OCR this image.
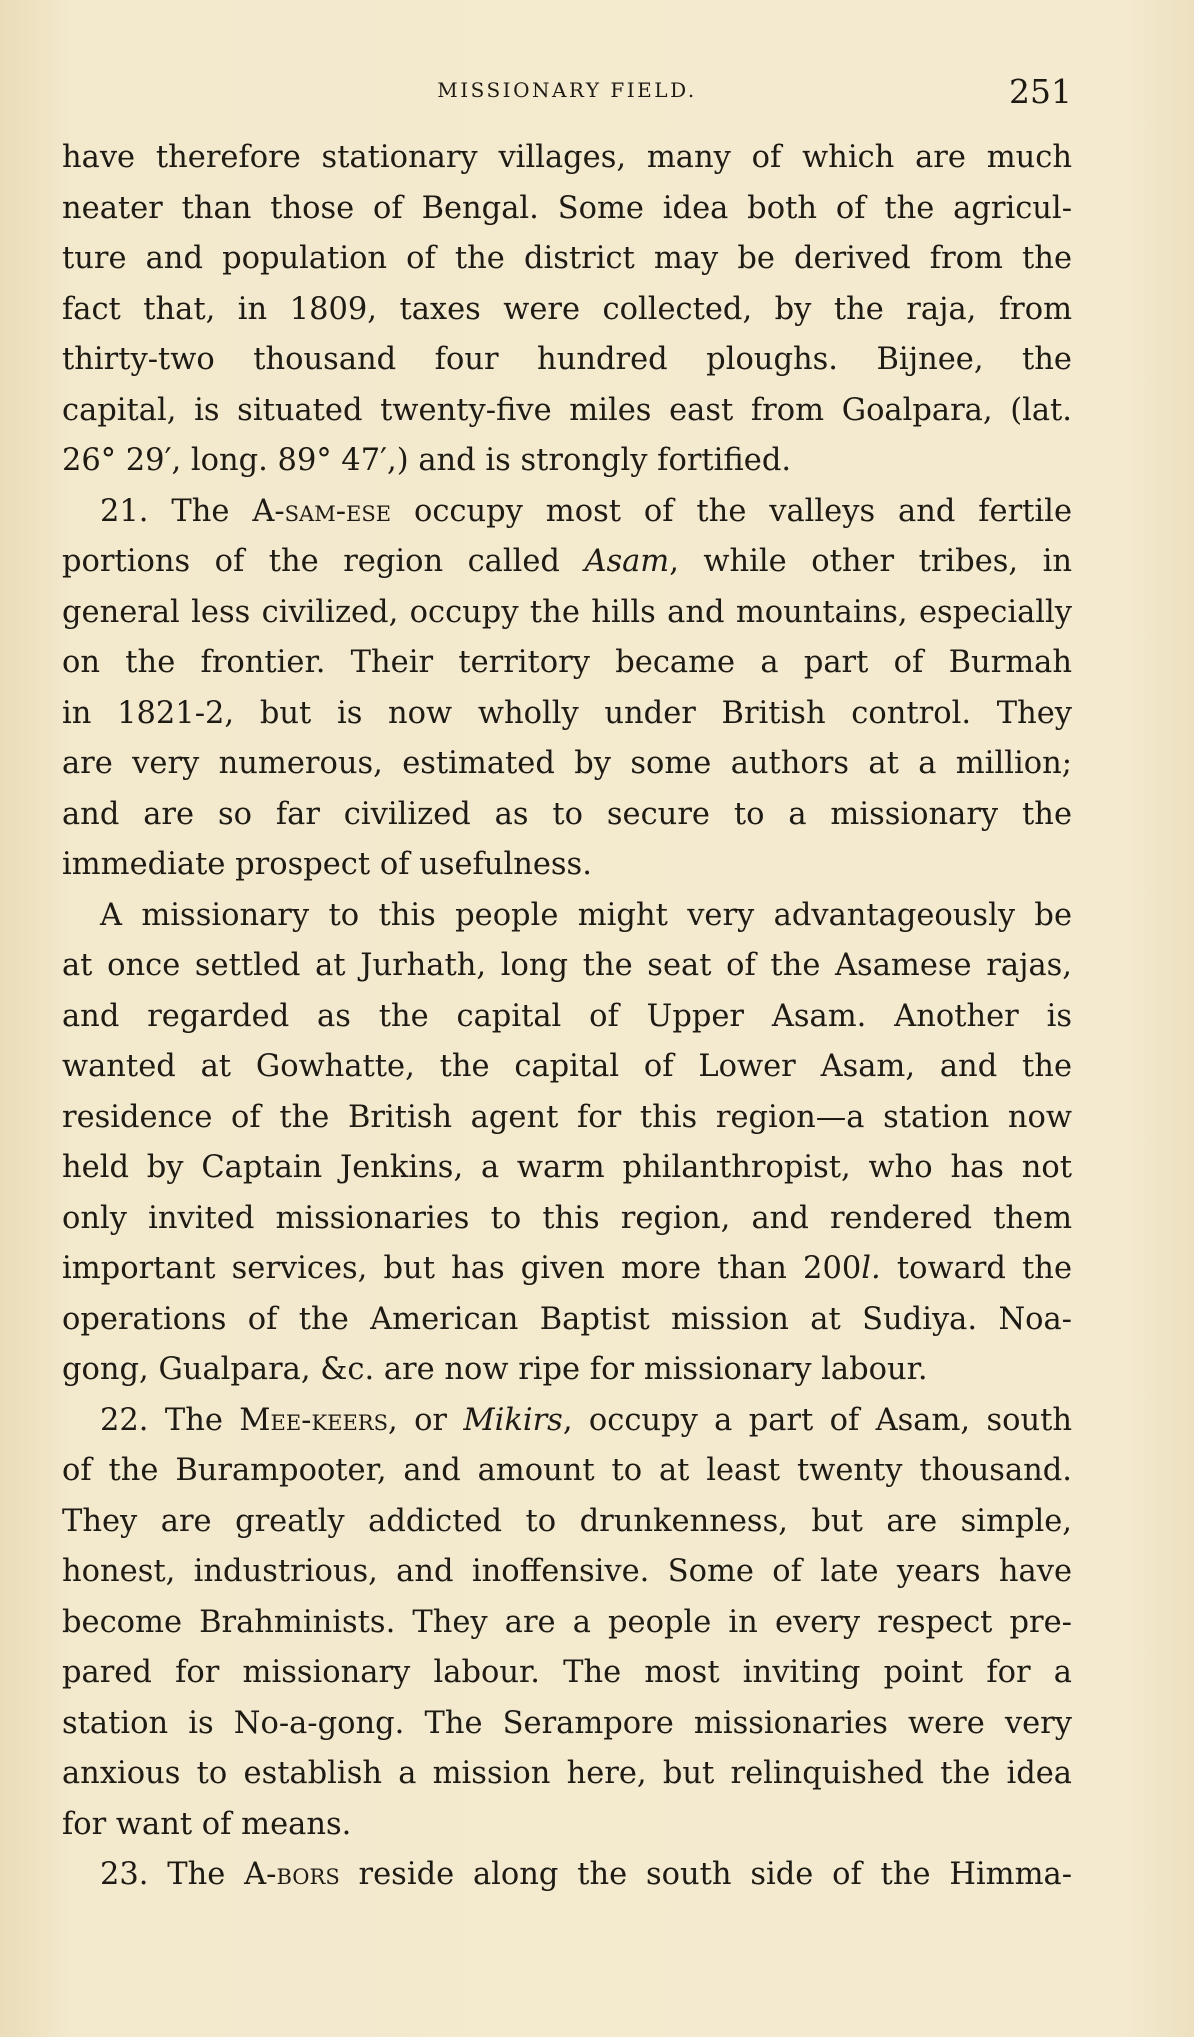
MISSIONARY FIELD.	251
have therefore stationary villages, many of which are much
neater than those of Bengal. Some idea both of the agricul-
ture and population of the district may be derived from the
fact that, in 1809, taxes were collected, by the raja, from
thirty-two thousand four hundred ploughs. Bijnee, the
capital, is situated twenty-five miles east from Goalpara, (lat.
26° 29′, long. 89° 47′,) and is strongly fortified.
21. The A-sam-ese occupy most of the valleys and fertile
portions of the region called Asam, while other tribes, in
general less civilized, occupy the hills and mountains, especially
on the frontier. Their territory became a part of Burmah
in 1821-2, but is now wholly under British control. They
are very numerous, estimated by some authors at a million;
and are so far civilized as to secure to a missionary the
immediate prospect of usefulness.
A missionary to this people might very advantageously be
at once settled at Jurhath, long the seat of the Asamese rajas,
and regarded as the capital of Upper Asam. Another is
wanted at Gowhatte, the capital of Lower Asam, and the
residence of the British agent for this region—a station now
held by Captain Jenkins, a warm philanthropist, who has not
only invited missionaries to this region, and rendered them
important services, but has given more than 200l. toward the
operations of the American Baptist mission at Sudiya. Noa-
gong, Gualpara, &c. are now ripe for missionary labour.
22. The Mee-keers, or Mikirs, occupy a part of Asam, south
of the Burampooter, and amount to at least twenty thousand.
They are greatly addicted to drunkenness, but are simple,
honest, industrious, and inoffensive. Some of late years have
become Brahminists. They are a people in every respect pre-
pared for missionary labour. The most inviting point for a
station is No-a-gong. The Serampore missionaries were very
anxious to establish a mission here, but relinquished the idea
for want of means.
23. The A-bors reside along the south side of the Himma-
